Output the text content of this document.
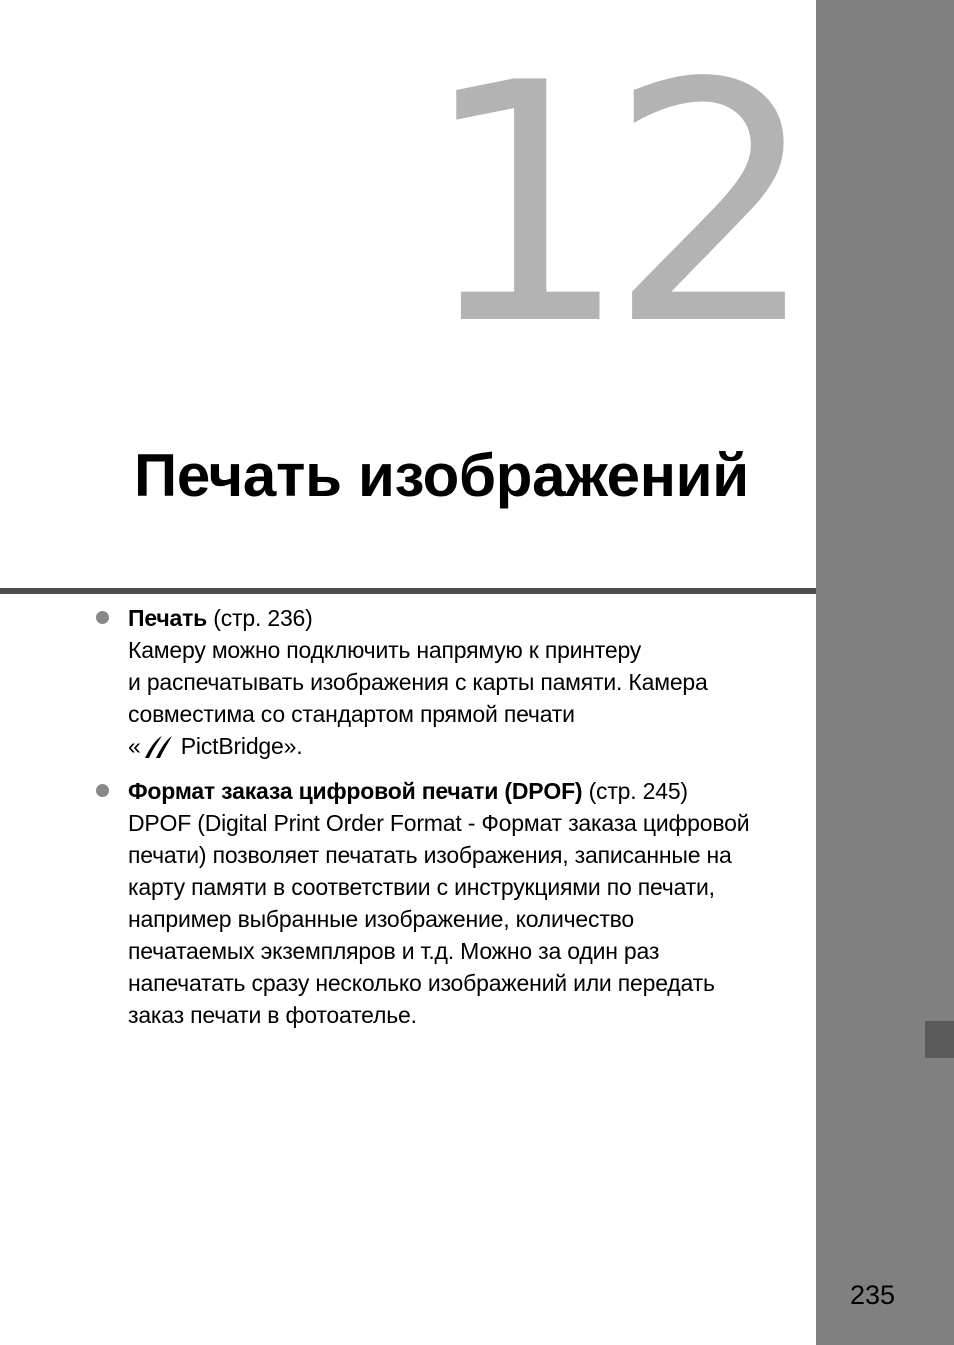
12
Печать изображений

Печать (стр. 236)

Камеру можно подключить напрямую к принтеру

и распечатывать изображения с карты памяти. Камера

совместима со стандартом прямой печати

« PictBridge».

Формат заказа цифровой печати (DPOF) (стр. 245)

DPOF (Digital Print Order Format - Формат заказа цифровой

печати) позволяет печатать изображения, записанные на

карту памяти в соответствии с инструкциями по печати,

например выбранные изображение, количество

печатаемых экземпляров и т.д. Можно за один раз

напечатать сразу несколько изображений или передать

заказ печати в фотоателье.

235
